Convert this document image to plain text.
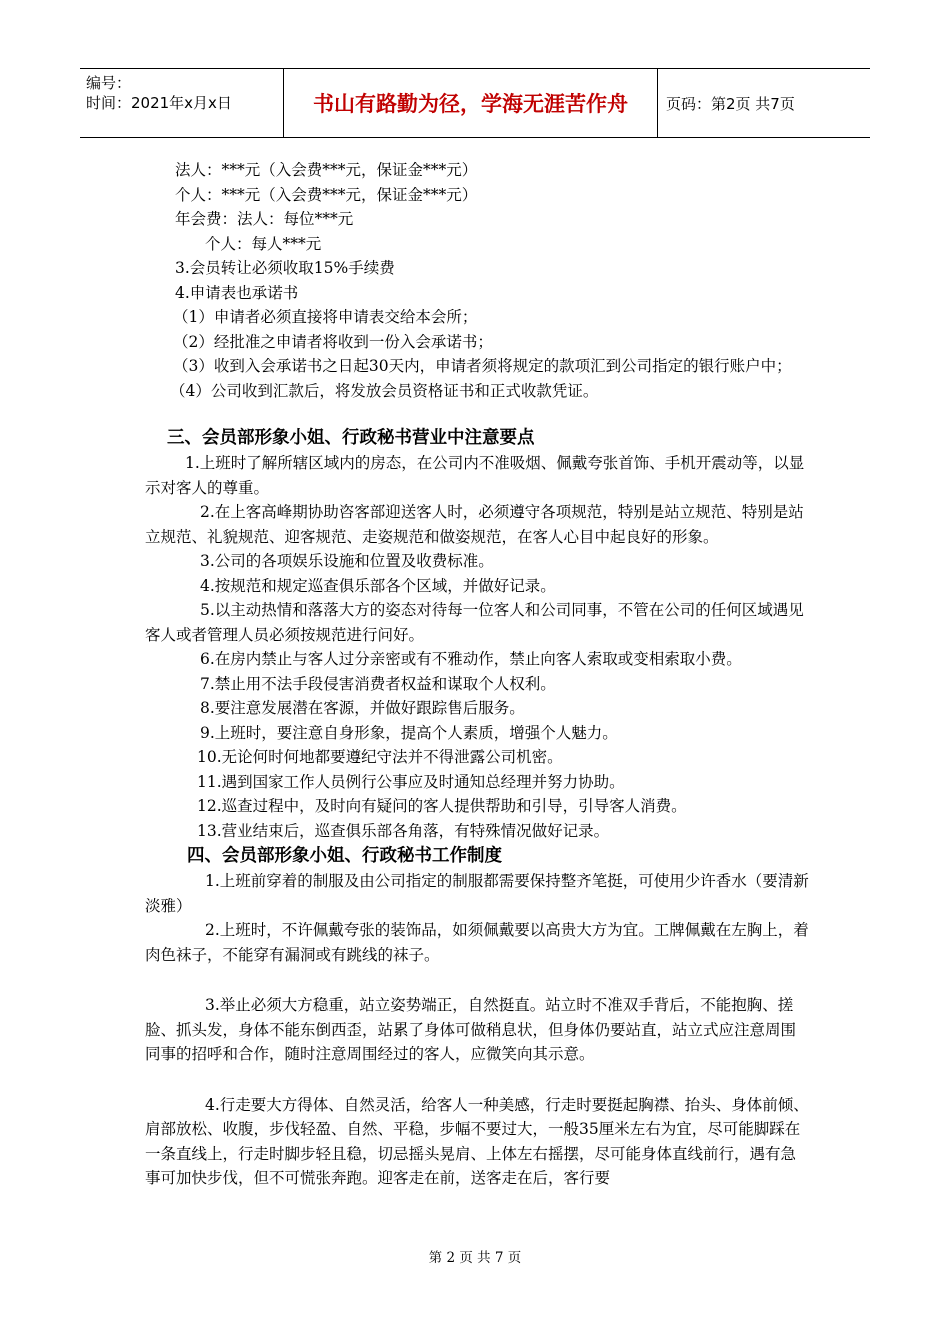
编号：
时间：2021年x月x日	书山有路勤为径，学海无涯苦作舟	页码：第2页 共7页

法人：***元（入会费***元，保证金***元）

个人：***元（入会费***元，保证金***元）

年会费：法人：每位***元

个人：每人***元

3.会员转让必须收取15%手续费

4.申请表也承诺书

（1）申请者必须直接将申请表交给本会所；

（2）经批准之申请者将收到一份入会承诺书；

（3）收到入会承诺书之日起30天内，申请者须将规定的款项汇到公司指定的银行账户中；

（4）公司收到汇款后，将发放会员资格证书和正式收款凭证。

三、会员部形象小姐、行政秘书营业中注意要点

1.上班时了解所辖区域内的房态，在公司内不准吸烟、佩戴夸张首饰、手机开震动等，以显示对客人的尊重。

2.在上客高峰期协助咨客部迎送客人时，必须遵守各项规范，特别是站立规范、特别是站立规范、礼貌规范、迎客规范、走姿规范和做姿规范，在客人心目中起良好的形象。

3.公司的各项娱乐设施和位置及收费标准。

4.按规范和规定巡查俱乐部各个区域，并做好记录。

5.以主动热情和落落大方的姿态对待每一位客人和公司同事，不管在公司的任何区域遇见客人或者管理人员必须按规范进行问好。

6.在房内禁止与客人过分亲密或有不雅动作，禁止向客人索取或变相索取小费。

7.禁止用不法手段侵害消费者权益和谋取个人权利。

8.要注意发展潜在客源，并做好跟踪售后服务。

9.上班时，要注意自身形象，提高个人素质，增强个人魅力。

10.无论何时何地都要遵纪守法并不得泄露公司机密。

11.遇到国家工作人员例行公事应及时通知总经理并努力协助。

12.巡查过程中，及时向有疑问的客人提供帮助和引导，引导客人消费。

13.营业结束后，巡查俱乐部各角落，有特殊情况做好记录。

四、会员部形象小姐、行政秘书工作制度

1.上班前穿着的制服及由公司指定的制服都需要保持整齐笔挺，可使用少许香水（要清新淡雅）

2.上班时，不许佩戴夸张的装饰品，如须佩戴要以高贵大方为宜。工牌佩戴在左胸上，着肉色袜子，不能穿有漏洞或有跳线的袜子。

3.举止必须大方稳重，站立姿势端正，自然挺直。站立时不准双手背后，不能抱胸、搓脸、抓头发，身体不能东倒西歪，站累了身体可做稍息状，但身体仍要站直，站立式应注意周围同事的招呼和合作，随时注意周围经过的客人，应微笑向其示意。

4.行走要大方得体、自然灵活，给客人一种美感，行走时要挺起胸襟、抬头、身体前倾、肩部放松、收腹，步伐轻盈、自然、平稳，步幅不要过大，一般35厘米左右为宜，尽可能脚踩在一条直线上，行走时脚步轻且稳，切忌摇头晃肩、上体左右摇摆，尽可能身体直线前行，遇有急事可加快步伐，但不可慌张奔跑。迎客走在前，送客走在后，客行要

第 2 页 共 7 页
